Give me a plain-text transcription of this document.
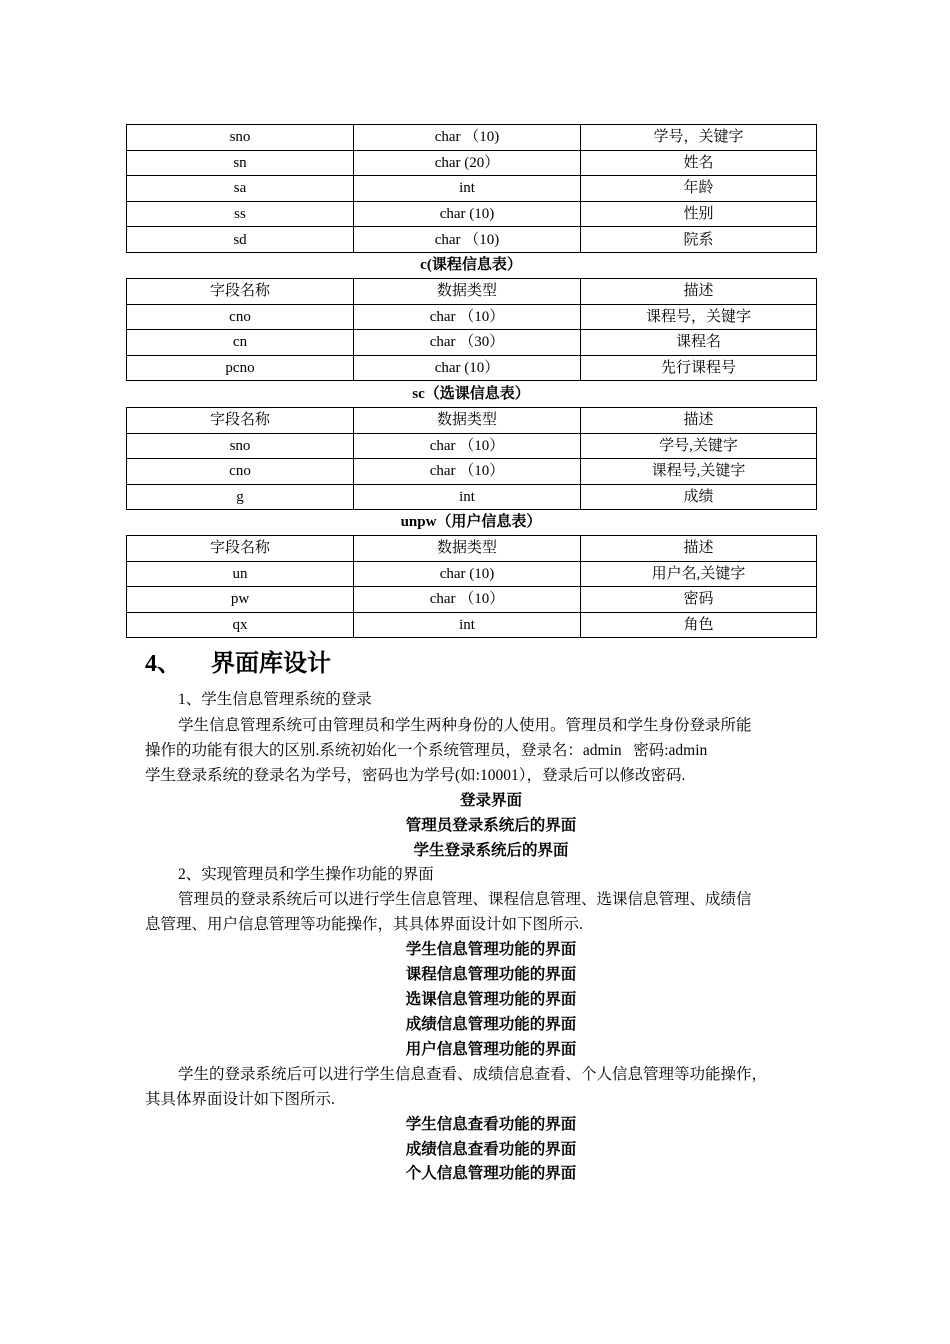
sno	char （10)	学号，关键字
sn	char (20）	姓名
sa	int	年龄
ss	char (10)	性别
sd	char （10)	院系
c(课程信息表）
字段名称	数据类型	描述
cno	char （10）	课程号，关键字
cn	char （30）	课程名
pcno	char (10）	先行课程号
sc（选课信息表）
字段名称	数据类型	描述
sno	char （10）	学号,关键字
cno	char （10）	课程号,关键字
g	int	成绩
unpw（用户信息表）
字段名称	数据类型	描述
un	char (10)	用户名,关键字
pw	char （10）	密码
qx	int	角色
4、 界面库设计
1、学生信息管理系统的登录
学生信息管理系统可由管理员和学生两种身份的人使用。管理员和学生身份登录所能
操作的功能有很大的区别.系统初始化一个系统管理员，登录名：admin   密码:admin
学生登录系统的登录名为学号，密码也为学号(如:10001），登录后可以修改密码.
登录界面
管理员登录系统后的界面
学生登录系统后的界面
2、实现管理员和学生操作功能的界面
管理员的登录系统后可以进行学生信息管理、课程信息管理、选课信息管理、成绩信
息管理、用户信息管理等功能操作，其具体界面设计如下图所示.
学生信息管理功能的界面
课程信息管理功能的界面
选课信息管理功能的界面
成绩信息管理功能的界面
用户信息管理功能的界面
学生的登录系统后可以进行学生信息查看、成绩信息查看、个人信息管理等功能操作，
其具体界面设计如下图所示.
学生信息查看功能的界面
成绩信息查看功能的界面
个人信息管理功能的界面
